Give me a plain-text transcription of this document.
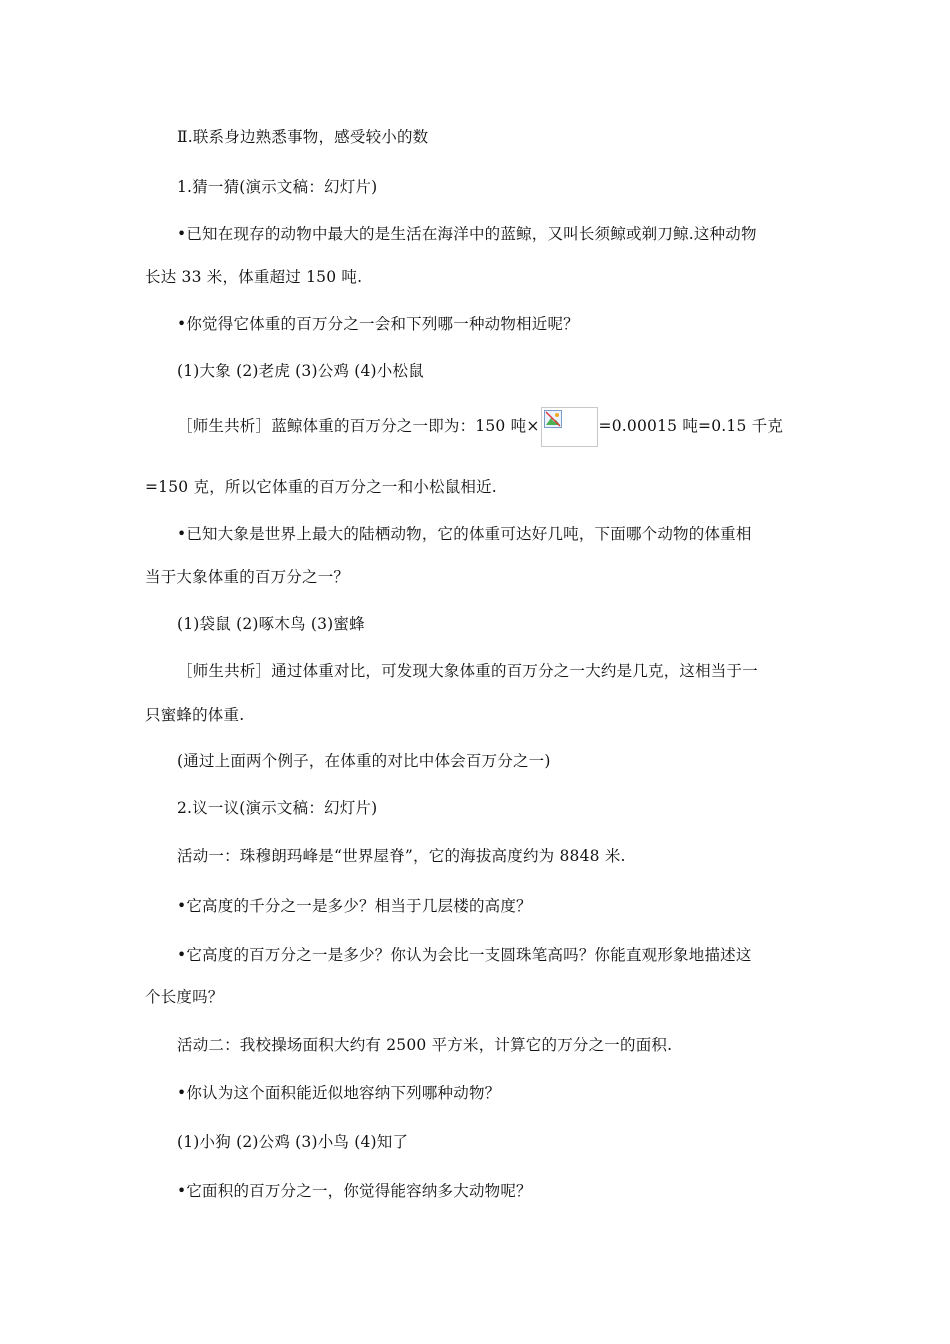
Ⅱ.联系身边熟悉事物，感受较小的数
1.猜一猜(演示文稿：幻灯片)
•已知在现存的动物中最大的是生活在海洋中的蓝鲸，又叫长须鲸或剃刀鲸.这种动物
长达 33 米，体重超过 150 吨.
•你觉得它体重的百万分之一会和下列哪一种动物相近呢？
(1)大象 (2)老虎 (3)公鸡 (4)小松鼠
［师生共析］蓝鲸体重的百万分之一即为：150 吨×	=0.00015 吨=0.15 千克
=150 克，所以它体重的百万分之一和小松鼠相近.
•已知大象是世界上最大的陆栖动物，它的体重可达好几吨，下面哪个动物的体重相
当于大象体重的百万分之一？
(1)袋鼠 (2)啄木鸟 (3)蜜蜂
［师生共析］通过体重对比，可发现大象体重的百万分之一大约是几克，这相当于一
只蜜蜂的体重.
(通过上面两个例子，在体重的对比中体会百万分之一)
2.议一议(演示文稿：幻灯片)
活动一：珠穆朗玛峰是“世界屋脊”，它的海拔高度约为 8848 米.
•它高度的千分之一是多少？相当于几层楼的高度？
•它高度的百万分之一是多少？你认为会比一支圆珠笔高吗？你能直观形象地描述这
个长度吗？
活动二：我校操场面积大约有 2500 平方米，计算它的万分之一的面积.
•你认为这个面积能近似地容纳下列哪种动物？
(1)小狗 (2)公鸡 (3)小鸟 (4)知了
•它面积的百万分之一，你觉得能容纳多大动物呢？
